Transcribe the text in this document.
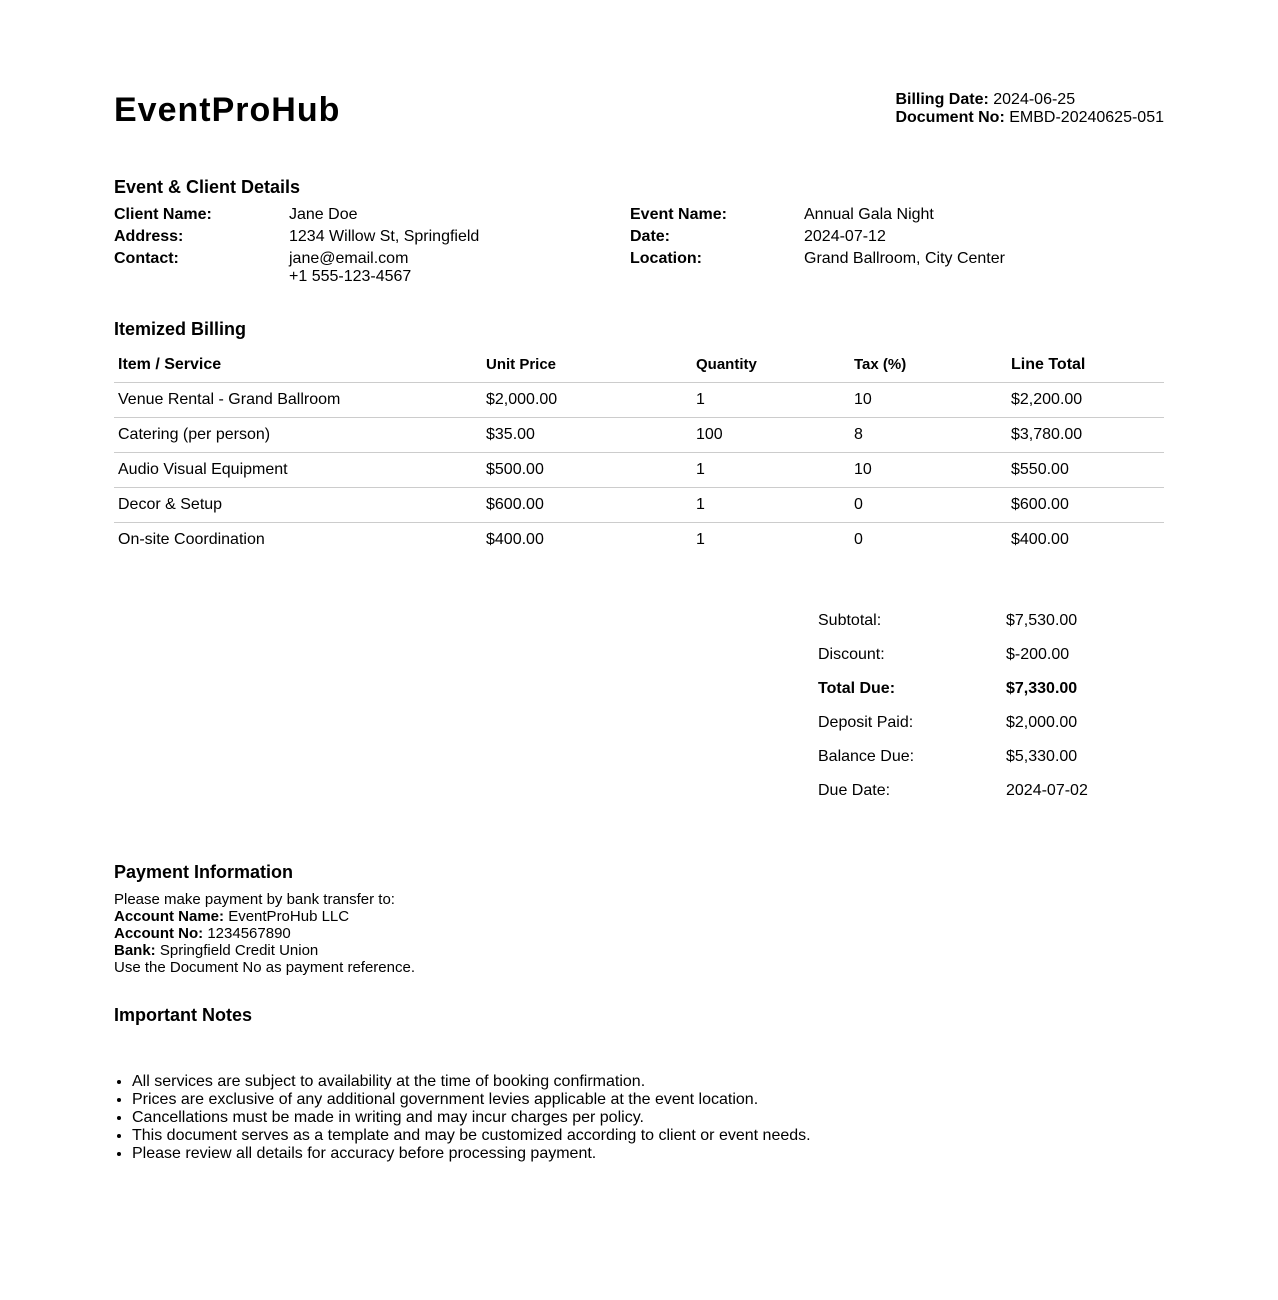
EventProHub	Billing Date: 2024-06-25
Document No: EMBD-20240625-051
Event & Client Details
Client Name:	Jane Doe
Address:	1234 Willow St, Springfield
Contact:	jane@email.com
+1 555-123-4567
Event Name:	Annual Gala Night
Date:	2024-07-12
Location:	Grand Ballroom, City Center
Itemized Billing
Item / Service	Unit Price	Quantity	Tax (%)	Line Total
Venue Rental - Grand Ballroom	$2,000.00	1	10	$2,200.00
Catering (per person)	$35.00	100	8	$3,780.00
Audio Visual Equipment	$500.00	1	10	$550.00
Decor & Setup	$600.00	1	0	$600.00
On-site Coordination	$400.00	1	0	$400.00
Subtotal:	$7,530.00
Discount:	$-200.00
Total Due:	$7,330.00
Deposit Paid:	$2,000.00
Balance Due:	$5,330.00
Due Date:	2024-07-02
Payment Information
Please make payment by bank transfer to:
Account Name: EventProHub LLC
Account No: 1234567890
Bank: Springfield Credit Union
Use the Document No as payment reference.
Important Notes
• All services are subject to availability at the time of booking confirmation.
• Prices are exclusive of any additional government levies applicable at the event location.
• Cancellations must be made in writing and may incur charges per policy.
• This document serves as a template and may be customized according to client or event needs.
• Please review all details for accuracy before processing payment.
